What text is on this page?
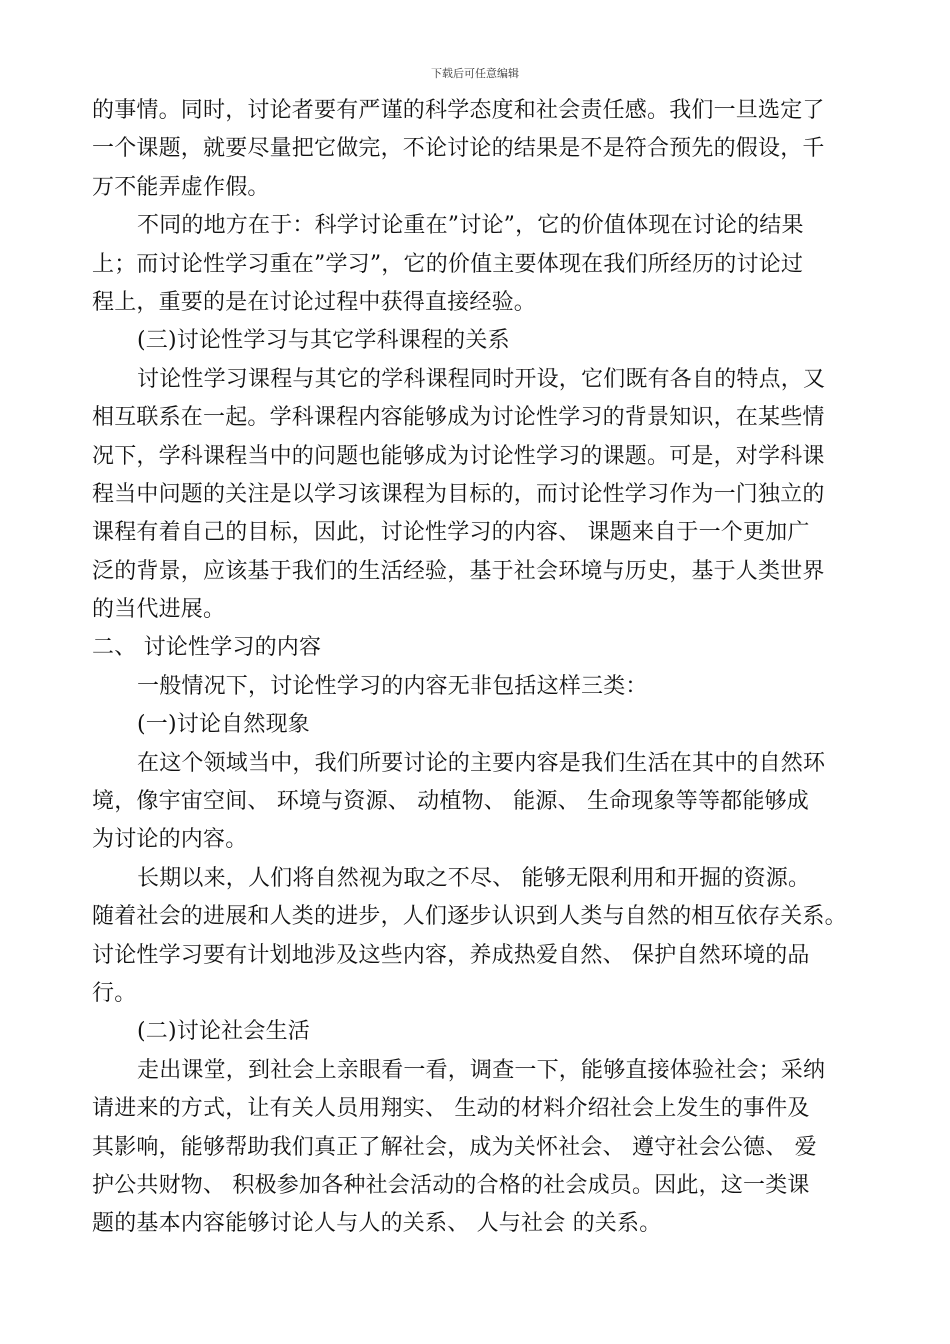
下载后可任意编辑
的事情。同时，讨论者要有严谨的科学态度和社会责任感。我们一旦选定了
一个课题，就要尽量把它做完，不论讨论的结果是不是符合预先的假设，千
万不能弄虚作假。
不同的地方在于：科学讨论重在”讨论”，它的价值体现在讨论的结果
上；而讨论性学习重在”学习”，它的价值主要体现在我们所经历的讨论过
程上，重要的是在讨论过程中获得直接经验。
(三)讨论性学习与其它学科课程的关系
讨论性学习课程与其它的学科课程同时开设，它们既有各自的特点，又
相互联系在一起。学科课程内容能够成为讨论性学习的背景知识，在某些情
况下，学科课程当中的问题也能够成为讨论性学习的课题。可是，对学科课
程当中问题的关注是以学习该课程为目标的，而讨论性学习作为一门独立的
课程有着自己的目标，因此，讨论性学习的内容、 课题来自于一个更加广
泛的背景，应该基于我们的生活经验，基于社会环境与历史，基于人类世界
的当代进展。
二、 讨论性学习的内容
一般情况下，讨论性学习的内容无非包括这样三类：
(一)讨论自然现象
在这个领域当中，我们所要讨论的主要内容是我们生活在其中的自然环
境，像宇宙空间、 环境与资源、 动植物、 能源、 生命现象等等都能够成
为讨论的内容。
长期以来，人们将自然视为取之不尽、 能够无限利用和开掘的资源。
随着社会的进展和人类的进步，人们逐步认识到人类与自然的相互依存关系。
讨论性学习要有计划地涉及这些内容，养成热爱自然、 保护自然环境的品
行。
(二)讨论社会生活
走出课堂，到社会上亲眼看一看，调查一下，能够直接体验社会；采纳
请进来的方式，让有关人员用翔实、 生动的材料介绍社会上发生的事件及
其影响，能够帮助我们真正了解社会，成为关怀社会、 遵守社会公德、 爱
护公共财物、 积极参加各种社会活动的合格的社会成员。因此，这一类课
题的基本内容能够讨论人与人的关系、 人与社会 的关系。
